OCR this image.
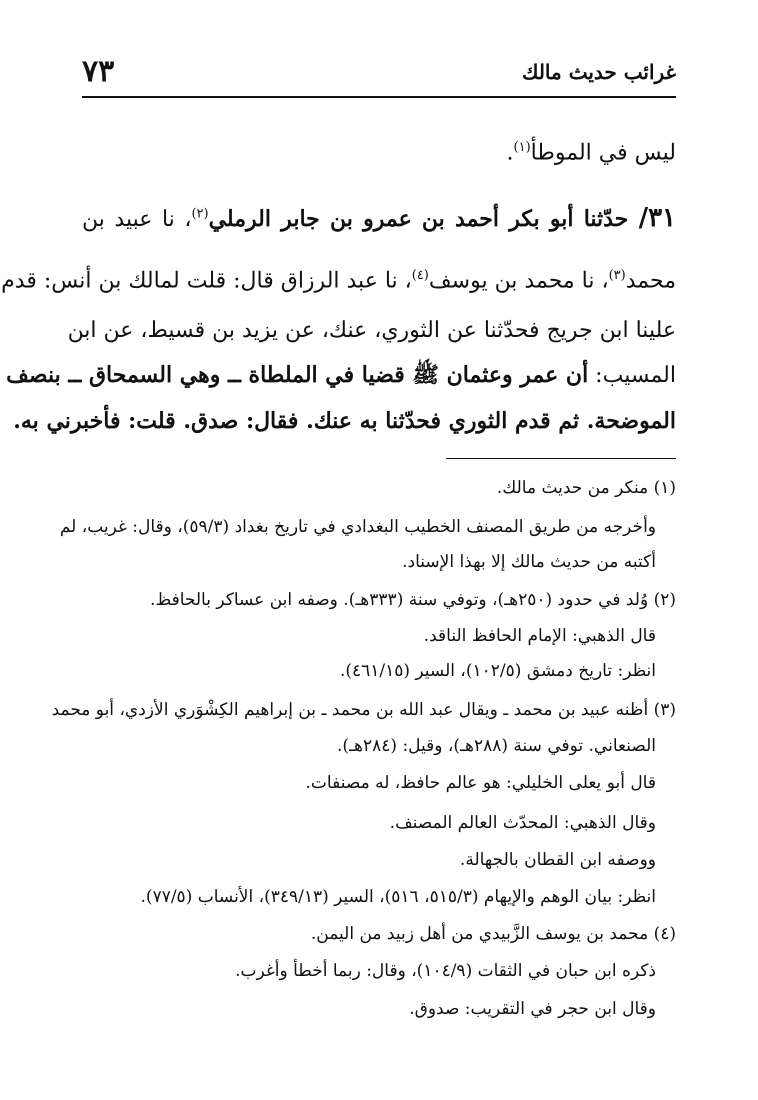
غرائب حديث مالك
٧٣
ليس في الموطأ$^{(١)}$.
٣١/ حدّثنا أبو بكر أحمد بن عمرو بن جابر الرملي$^{(٢)}$، نا عبيد بن
محمد$^{(٣)}$، نا محمد بن يوسف$^{(٤)}$، نا عبد الرزاق قال: قلت لمالك بن أنس: قدم
علينا ابن جريج فحدّثنا عن الثوري، عنك، عن يزيد بن قسيط، عن ابن
المسيب: أن عمر وعثمان ﷺ قضيا في الملطاة ــ وهي السمحاق ــ بنصف
الموضحة. ثم قدم الثوري فحدّثنا به عنك. فقال: صدق. قلت: فأخبرني به.
(١) منكر من حديث مالك.
وأخرجه من طريق المصنف الخطيب البغدادي في تاريخ بغداد (٥٩/٣)، وقال: غريب، لم
أكتبه من حديث مالك إلا بهذا الإسناد.
(٢) وُلد في حدود (٢٥٠هـ)، وتوفي سنة (٣٣٣هـ). وصفه ابن عساكر بالحافظ.
قال الذهبي: الإمام الحافظ الناقد.
انظر: تاريخ دمشق (١٠٢/٥)، السير (٤٦١/١٥).
(٣) أظنه عبيد بن محمد ـ ويقال عبد الله بن محمد ـ بن إبراهيم الكِشْوَري الأزدي، أبو محمد
الصنعاني. توفي سنة (٢٨٨هـ)، وقيل: (٢٨٤هـ).
قال أبو يعلى الخليلي: هو عالم حافظ، له مصنفات.
وقال الذهبي: المحدّث العالم المصنف.
ووصفه ابن القطان بالجهالة.
انظر: بيان الوهم والإيهام (٥١٥/٣، ٥١٦)، السير (٣٤٩/١٣)، الأنساب (٧٧/٥).
(٤) محمد بن يوسف الزَّبيدي من أهل زبيد من اليمن.
ذكره ابن حبان في الثقات (١٠٤/٩)، وقال: ربما أخطأ وأغرب.
وقال ابن حجر في التقريب: صدوق.
